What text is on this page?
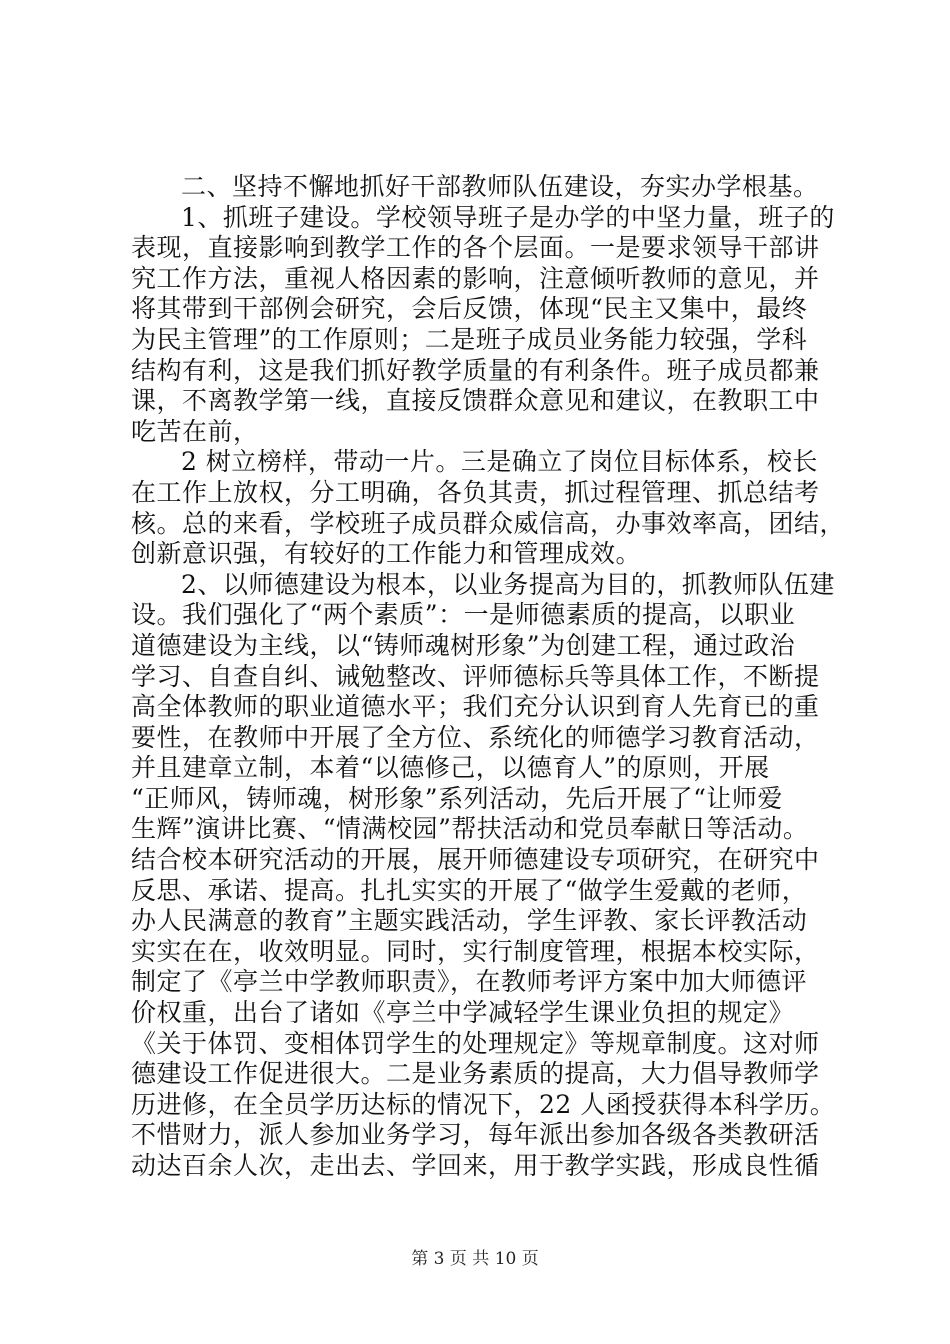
二、坚持不懈地抓好干部教师队伍建设，夯实办学根基。
1、抓班子建设。学校领导班子是办学的中坚力量，班子的
表现，直接影响到教学工作的各个层面。一是要求领导干部讲
究工作方法，重视人格因素的影响，注意倾听教师的意见，并
将其带到干部例会研究，会后反馈，体现“民主又集中，最终
为民主管理”的工作原则；二是班子成员业务能力较强，学科
结构有利，这是我们抓好教学质量的有利条件。班子成员都兼
课，不离教学第一线，直接反馈群众意见和建议，在教职工中
吃苦在前，
2 树立榜样，带动一片。三是确立了岗位目标体系，校长
在工作上放权，分工明确，各负其责，抓过程管理、抓总结考
核。总的来看，学校班子成员群众威信高，办事效率高，团结，
创新意识强，有较好的工作能力和管理成效。
2、以师德建设为根本，以业务提高为目的，抓教师队伍建
设。我们强化了“两个素质”：一是师德素质的提高，以职业
道德建设为主线，以“铸师魂树形象”为创建工程，通过政治
学习、自查自纠、诫勉整改、评师德标兵等具体工作，不断提
高全体教师的职业道德水平；我们充分认识到育人先育已的重
要性，在教师中开展了全方位、系统化的师德学习教育活动，
并且建章立制，本着“以德修己，以德育人”的原则，开展
“正师风，铸师魂，树形象”系列活动，先后开展了“让师爱
生辉”演讲比赛、“情满校园”帮扶活动和党员奉献日等活动。
结合校本研究活动的开展，展开师德建设专项研究，在研究中
反思、承诺、提高。扎扎实实的开展了“做学生爱戴的老师，
办人民满意的教育”主题实践活动，学生评教、家长评教活动
实实在在，收效明显。同时，实行制度管理，根据本校实际，
制定了《亭兰中学教师职责》，在教师考评方案中加大师德评
价权重，出台了诸如《亭兰中学减轻学生课业负担的规定》
《关于体罚、变相体罚学生的处理规定》等规章制度。这对师
德建设工作促进很大。二是业务素质的提高，大力倡导教师学
历进修，在全员学历达标的情况下，22 人函授获得本科学历。
不惜财力，派人参加业务学习，每年派出参加各级各类教研活
动达百余人次，走出去、学回来，用于教学实践，形成良性循
第 3 页 共 10 页
